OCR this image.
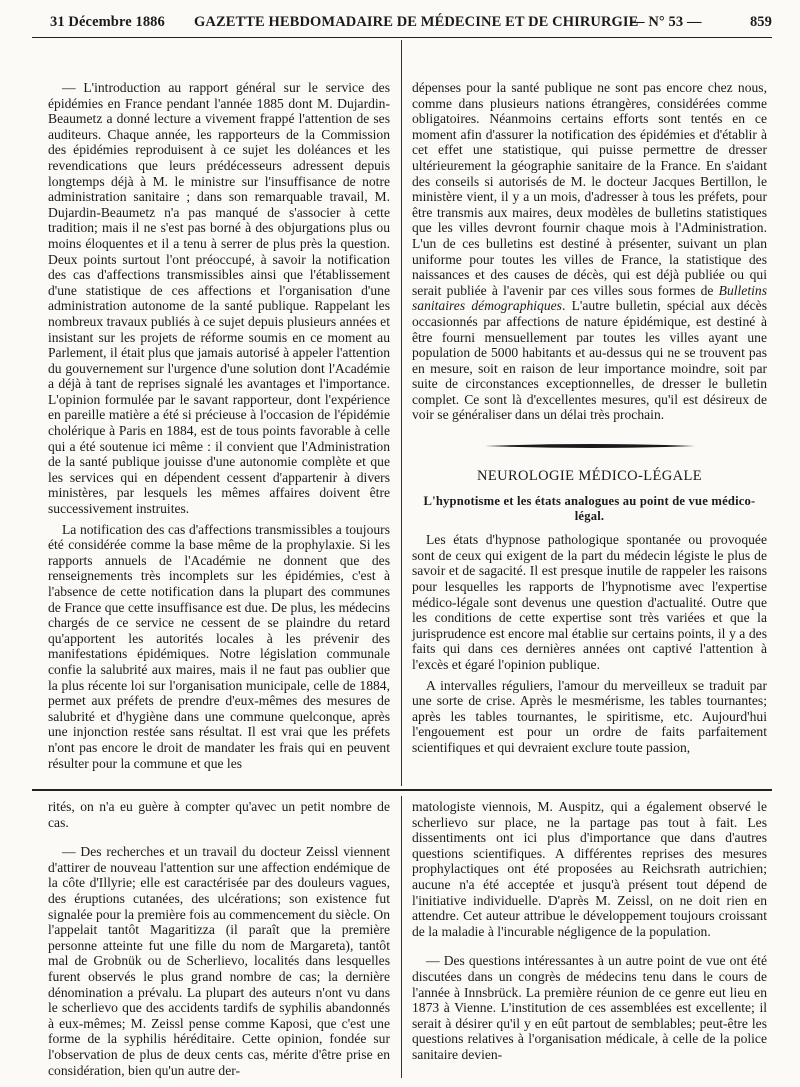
31 Décembre 1886 GAZETTE HEBDOMADAIRE DE MÉDECINE ET DE CHIRURGIE
— N° 53 —	859

— L'introduction au rapport général sur le service des épidémies en France pendant l'année 1885 dont M. Dujardin-Beaumetz a donné lecture a vivement frappé l'attention de ses auditeurs. Chaque année, les rapporteurs de la Commission des épidémies reproduisent à ce sujet les doléances et les revendications que leurs prédécesseurs adressent depuis longtemps déjà à M. le ministre sur l'insuffisance de notre administration sanitaire ; dans son remarquable travail, M. Dujardin-Beaumetz n'a pas manqué de s'associer à cette tradition; mais il ne s'est pas borné à des objurgations plus ou moins éloquentes et il a tenu à serrer de plus près la question. Deux points surtout l'ont préoccupé, à savoir la notification des cas d'affections transmissibles ainsi que l'établissement d'une statistique de ces affections et l'organisation d'une administration autonome de la santé publique. Rappelant les nombreux travaux publiés à ce sujet depuis plusieurs années et insistant sur les projets de réforme soumis en ce moment au Parlement, il était plus que jamais autorisé à appeler l'attention du gouvernement sur l'urgence d'une solution dont l'Académie a déjà à tant de reprises signalé les avantages et l'importance. L'opinion formulée par le savant rapporteur, dont l'expérience en pareille matière a été si précieuse à l'occasion de l'épidémie cholérique à Paris en 1884, est de tous points favorable à celle qui a été soutenue ici même : il convient que l'Administration de la santé publique jouisse d'une autonomie complète et que les services qui en dépendent cessent d'appartenir à divers ministères, par lesquels les mêmes affaires doivent être successivement instruites.

La notification des cas d'affections transmissibles a toujours été considérée comme la base même de la prophylaxie. Si les rapports annuels de l'Académie ne donnent que des renseignements très incomplets sur les épidémies, c'est à l'absence de cette notification dans la plupart des communes de France que cette insuffisance est due. De plus, les médecins chargés de ce service ne cessent de se plaindre du retard qu'apportent les autorités locales à les prévenir des manifestations épidémiques. Notre législation communale confie la salubrité aux maires, mais il ne faut pas oublier que la plus récente loi sur l'organisation municipale, celle de 1884, permet aux préfets de prendre d'eux-mêmes des mesures de salubrité et d'hygiène dans une commune quelconque, après une injonction restée sans résultat. Il est vrai que les préfets n'ont pas encore le droit de mandater les frais qui en peuvent résulter pour la commune et que les

dépenses pour la santé publique ne sont pas encore chez nous, comme dans plusieurs nations étrangères, considérées comme obligatoires. Néanmoins certains efforts sont tentés en ce moment afin d'assurer la notification des épidémies et d'établir à cet effet une statistique, qui puisse permettre de dresser ultérieurement la géographie sanitaire de la France. En s'aidant des conseils si autorisés de M. le docteur Jacques Bertillon, le ministère vient, il y a un mois, d'adresser à tous les préfets, pour être transmis aux maires, deux modèles de bulletins statistiques que les villes devront fournir chaque mois à l'Administration. L'un de ces bulletins est destiné à présenter, suivant un plan uniforme pour toutes les villes de France, la statistique des naissances et des causes de décès, qui est déjà publiée ou qui serait publiée à l'avenir par ces villes sous formes de Bulletins sanitaires démographiques. L'autre bulletin, spécial aux décès occasionnés par affections de nature épidémique, est destiné à être fourni mensuellement par toutes les villes ayant une population de 5000 habitants et au-dessus qui ne se trouvent pas en mesure, soit en raison de leur importance moindre, soit par suite de circonstances exceptionnelles, de dresser le bulletin complet. Ce sont là d'excellentes mesures, qu'il est désireux de voir se généraliser dans un délai très prochain.

NEUROLOGIE MÉDICO-LÉGALE
L'hypnotisme et les états analogues au point de vue médico-légal.

Les états d'hypnose pathologique spontanée ou provoquée sont de ceux qui exigent de la part du médecin légiste le plus de savoir et de sagacité. Il est presque inutile de rappeler les raisons pour lesquelles les rapports de l'hypnotisme avec l'expertise médico-légale sont devenus une question d'actualité. Outre que les conditions de cette expertise sont très variées et que la jurisprudence est encore mal établie sur certains points, il y a des faits qui dans ces dernières années ont captivé l'attention à l'excès et égaré l'opinion publique.

A intervalles réguliers, l'amour du merveilleux se traduit par une sorte de crise. Après le mesmérisme, les tables tournantes; après les tables tournantes, le spiritisme, etc. Aujourd'hui l'engouement est pour un ordre de faits parfaitement scientifiques et qui devraient exclure toute passion,

rités, on n'a eu guère à compter qu'avec un petit nombre de cas.

— Des recherches et un travail du docteur Zeissl viennent d'attirer de nouveau l'attention sur une affection endémique de la côte d'Illyrie; elle est caractérisée par des douleurs vagues, des éruptions cutanées, des ulcérations; son existence fut signalée pour la première fois au commencement du siècle. On l'appelait tantôt Magaritizza (il paraît que la première personne atteinte fut une fille du nom de Margareta), tantôt mal de Grobnük ou de Scherlievo, localités dans lesquelles furent observés le plus grand nombre de cas; la dernière dénomination a prévalu. La plupart des auteurs n'ont vu dans le scherlievo que des accidents tardifs de syphilis abandonnés à eux-mêmes; M. Zeissl pense comme Kaposi, que c'est une forme de la syphilis héréditaire. Cette opinion, fondée sur l'observation de plus de deux cents cas, mérite d'être prise en considération, bien qu'un autre der-

matologiste viennois, M. Auspitz, qui a également observé le scherlievo sur place, ne la partage pas tout à fait. Les dissentiments ont ici plus d'importance que dans d'autres questions scientifiques. A différentes reprises des mesures prophylactiques ont été proposées au Reichsrath autrichien; aucune n'a été acceptée et jusqu'à présent tout dépend de l'initiative individuelle. D'après M. Zeissl, on ne doit rien en attendre. Cet auteur attribue le développement toujours croissant de la maladie à l'incurable négligence de la population.

— Des questions intéressantes à un autre point de vue ont été discutées dans un congrès de médecins tenu dans le cours de l'année à Innsbrück. La première réunion de ce genre eut lieu en 1873 à Vienne. L'institution de ces assemblées est excellente; il serait à désirer qu'il y en eût partout de semblables; peut-être les questions relatives à l'organisation médicale, à celle de la police sanitaire devien-
